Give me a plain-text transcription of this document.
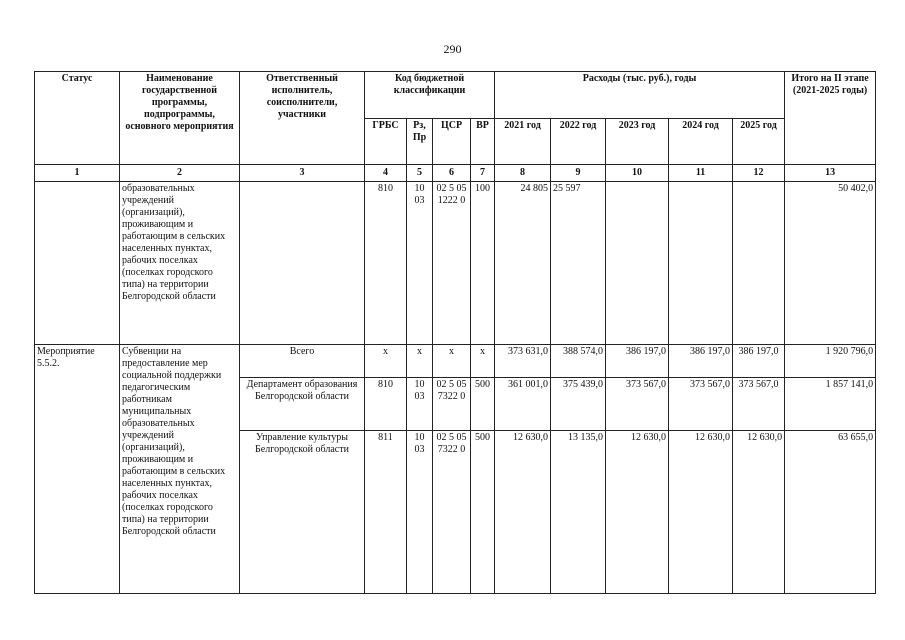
290
Статус	Наименование государственной программы, подпрограммы, основного мероприятия	Ответственный исполнитель, соисполнители, участники	Код бюджетной классификации				Расходы (тыс. руб.), годы					Итого на II этапе (2021-2025 годы)
			ГРБС	Рз, Пр	ЦСР	ВР	2021 год	2022 год	2023 год	2024 год	2025 год	
1	2	3	4	5	6	7	8	9	10	11	12	13
	образовательных учреждений (организаций), проживающим и работающим в сельских населенных пунктах, рабочих поселках (поселках городского типа) на территории Белгородской области		810	10 03	02 5 05 1222 0	100	24 805	25 597				50 402,0
Мероприятие 5.5.2.	Субвенции на предоставление мер социальной поддержки педагогическим работникам муниципальных образовательных учреждений (организаций), проживающим и работающим в сельских населенных пунктах, рабочих поселках (поселках городского типа) на территории Белгородской области	Всего	x	x	x	x	373 631,0	388 574,0	386 197,0	386 197,0	386 197,0	1 920 796,0
		Департамент образования Белгородской области	810	10 03	02 5 05 7322 0	500	361 001,0	375 439,0	373 567,0	373 567,0	373 567,0	1 857 141,0
		Управление культуры Белгородской области	811	10 03	02 5 05 7322 0	500	12 630,0	13 135,0	12 630,0	12 630,0	12 630,0	63 655,0
